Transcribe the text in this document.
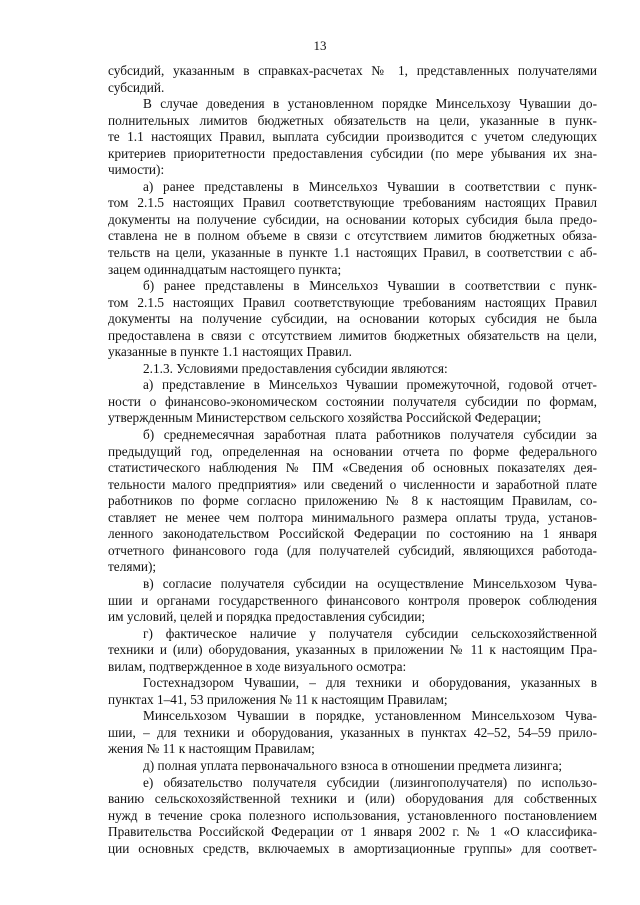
13
субсидий, указанным в справках-расчетах № 1, представленных получателями
субсидий.
В случае доведения в установленном порядке Минсельхозу Чувашии до-
полнительных лимитов бюджетных обязательств на цели, указанные в пунк-
те 1.1 настоящих Правил, выплата субсидии производится с учетом следующих
критериев приоритетности предоставления субсидии (по мере убывания их зна-
чимости):
а) ранее представлены в Минсельхоз Чувашии в соответствии с пунк-
том 2.1.5 настоящих Правил соответствующие требованиям настоящих Правил
документы на получение субсидии, на основании которых субсидия была предо-
ставлена не в полном объеме в связи с отсутствием лимитов бюджетных обяза-
тельств на цели, указанные в пункте 1.1 настоящих Правил, в соответствии с аб-
зацем одиннадцатым настоящего пункта;
б) ранее представлены в Минсельхоз Чувашии в соответствии с пунк-
том 2.1.5 настоящих Правил соответствующие требованиям настоящих Правил
документы на получение субсидии, на основании которых субсидия не была
предоставлена в связи с отсутствием лимитов бюджетных обязательств на цели,
указанные в пункте 1.1 настоящих Правил.
2.1.3. Условиями предоставления субсидии являются:
а) представление в Минсельхоз Чувашии промежуточной, годовой отчет-
ности о финансово-экономическом состоянии получателя субсидии по формам,
утвержденным Министерством сельского хозяйства Российской Федерации;
б) среднемесячная заработная плата работников получателя субсидии за
предыдущий год, определенная на основании отчета по форме федерального
статистического наблюдения № ПМ «Сведения об основных показателях дея-
тельности малого предприятия» или сведений о численности и заработной плате
работников по форме согласно приложению № 8 к настоящим Правилам, со-
ставляет не менее чем полтора минимального размера оплаты труда, установ-
ленного законодательством Российской Федерации по состоянию на 1 января
отчетного финансового года (для получателей субсидий, являющихся работода-
телями);
в) согласие получателя субсидии на осуществление Минсельхозом Чува-
шии и органами государственного финансового контроля проверок соблюдения
им условий, целей и порядка предоставления субсидии;
г) фактическое наличие у получателя субсидии сельскохозяйственной
техники и (или) оборудования, указанных в приложении № 11 к настоящим Пра-
вилам, подтвержденное в ходе визуального осмотра:
Гостехнадзором Чувашии, – для техники и оборудования, указанных в
пунктах 1–41, 53 приложения № 11 к настоящим Правилам;
Минсельхозом Чувашии в порядке, установленном Минсельхозом Чува-
шии, – для техники и оборудования, указанных в пунктах 42–52, 54–59 прило-
жения № 11 к настоящим Правилам;
д) полная уплата первоначального взноса в отношении предмета лизинга;
е) обязательство получателя субсидии (лизингополучателя) по использо-
ванию сельскохозяйственной техники и (или) оборудования для собственных
нужд в течение срока полезного использования, установленного постановлением
Правительства Российской Федерации от 1 января 2002 г. № 1 «О классифика-
ции основных средств, включаемых в амортизационные группы» для соответ-
